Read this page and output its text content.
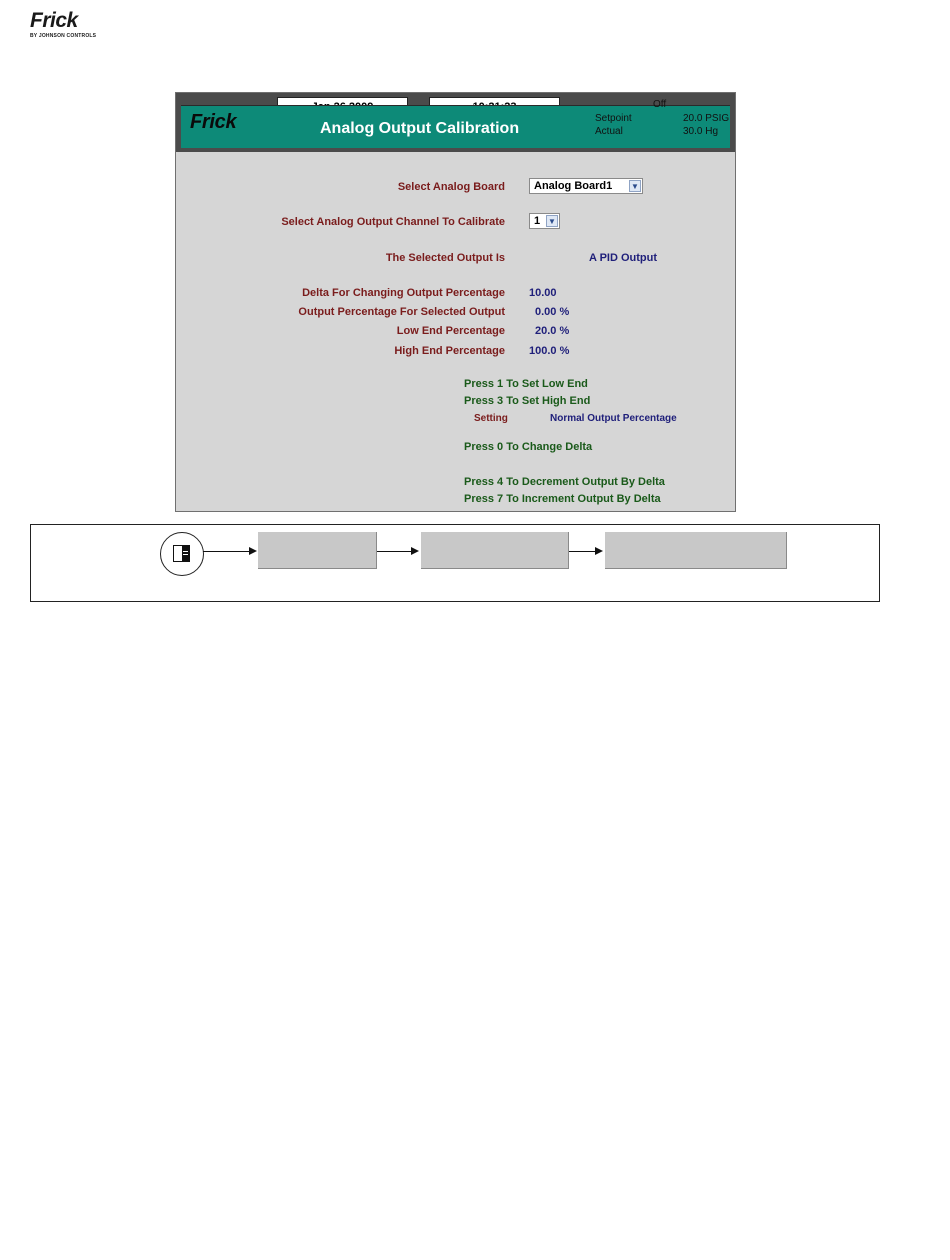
Frick
BY JOHNSON CONTROLS
Frick	Analog Output Calibration
Off
Setpoint	20.0 PSIG
Actual	30.0 Hg
Select Analog Board	Analog Board1 ▼
Select Analog Output Channel To Calibrate	1 ▼
The Selected Output Is	A PID Output
Delta For Changing Output Percentage 10.00
Output Percentage For Selected Output	0.00 %
Low End Percentage	20.0 %
High End Percentage 100.0 %
Press 1 To Set Low End
Press 3 To Set High End
Setting	Normal Output Percentage
Press 0 To Change Delta
Press 4 To Decrement Output By Delta
Press 7 To Increment Output By Delta
